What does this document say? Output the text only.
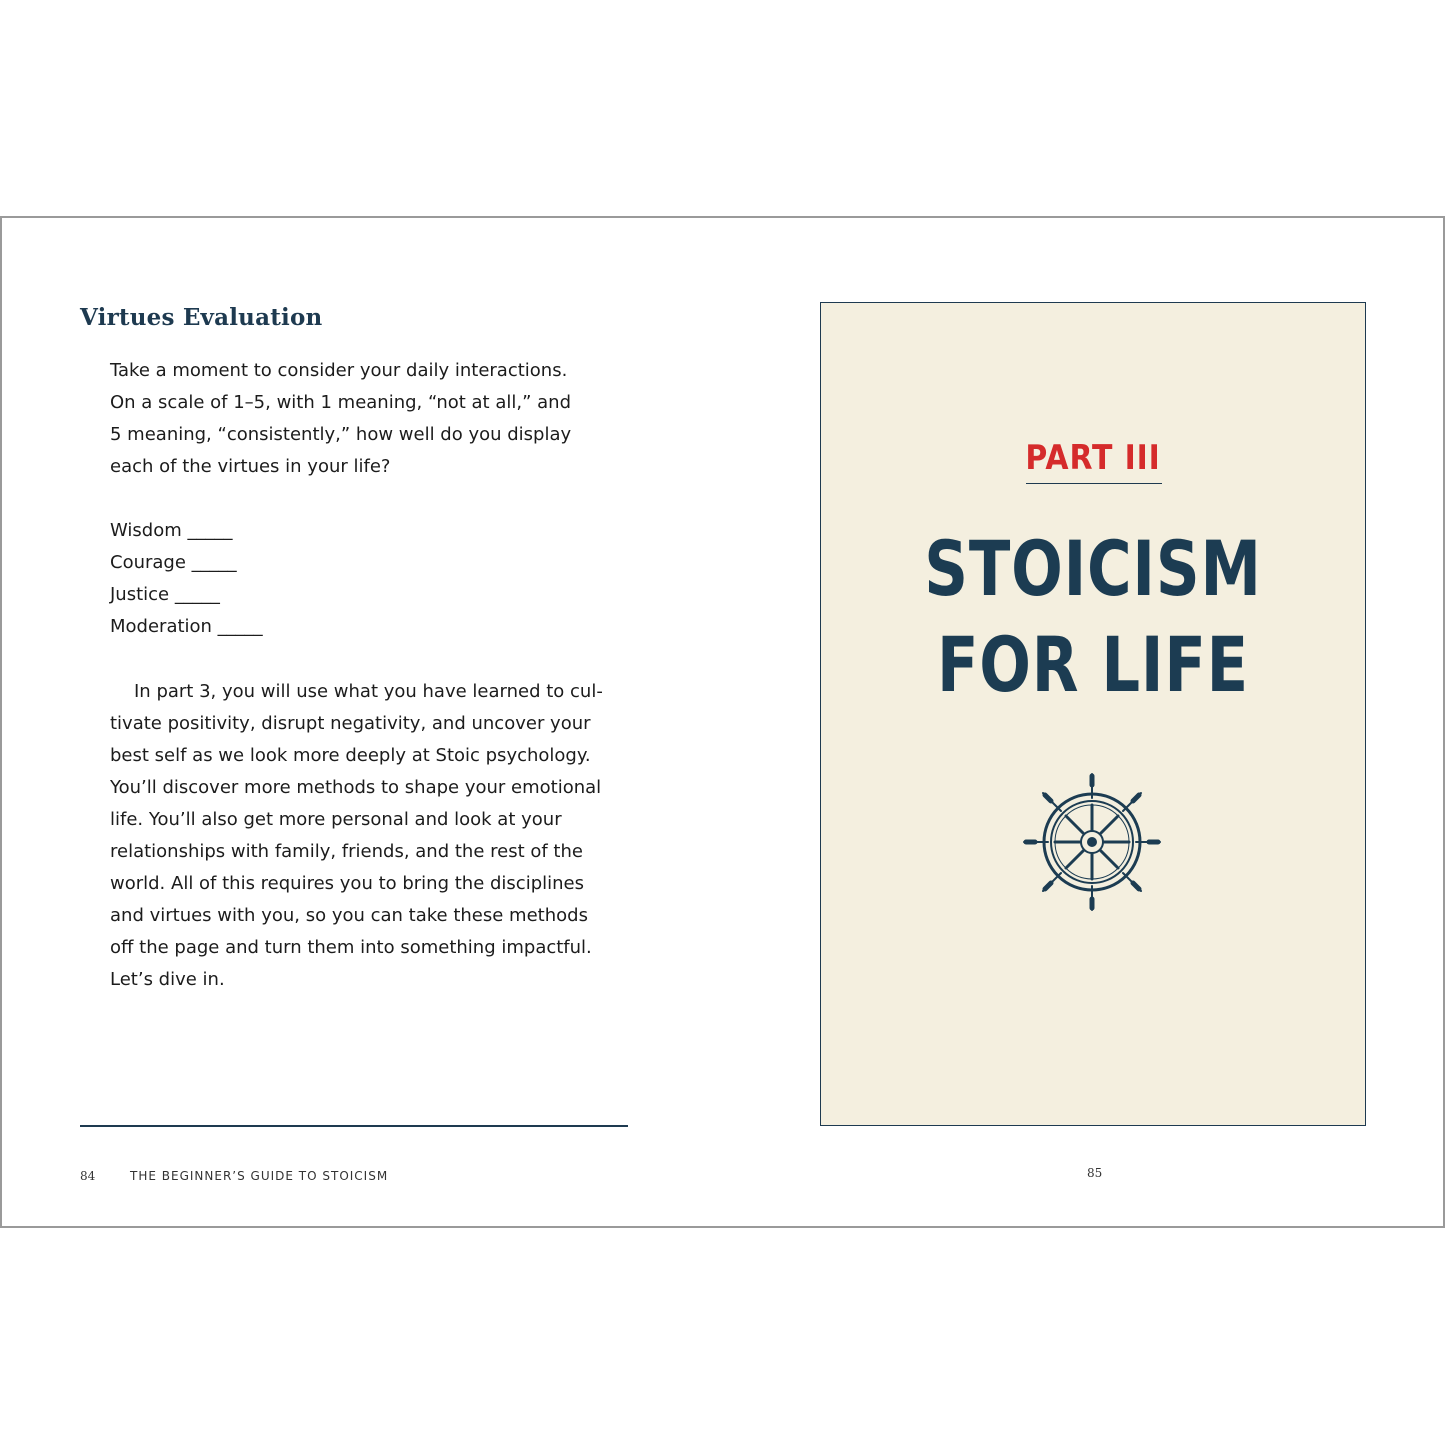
Virtues Evaluation

Take a moment to consider your daily interactions.
On a scale of 1–5, with 1 meaning, “not at all,” and
5 meaning, “consistently,” how well do you display
each of the virtues in your life?

Wisdom _____
Courage _____
Justice _____
Moderation _____

In part 3, you will use what you have learned to cul-
tivate positivity, disrupt negativity, and uncover your
best self as we look more deeply at Stoic psychology.
You’ll discover more methods to shape your emotional
life. You’ll also get more personal and look at your
relationships with family, friends, and the rest of the
world. All of this requires you to bring the disciplines
and virtues with you, so you can take these methods
off the page and turn them into something impactful.
Let’s dive in.

84	THE BEGINNER’S GUIDE TO STOICISM
PART III
STOICISM
FOR LIFE
85
